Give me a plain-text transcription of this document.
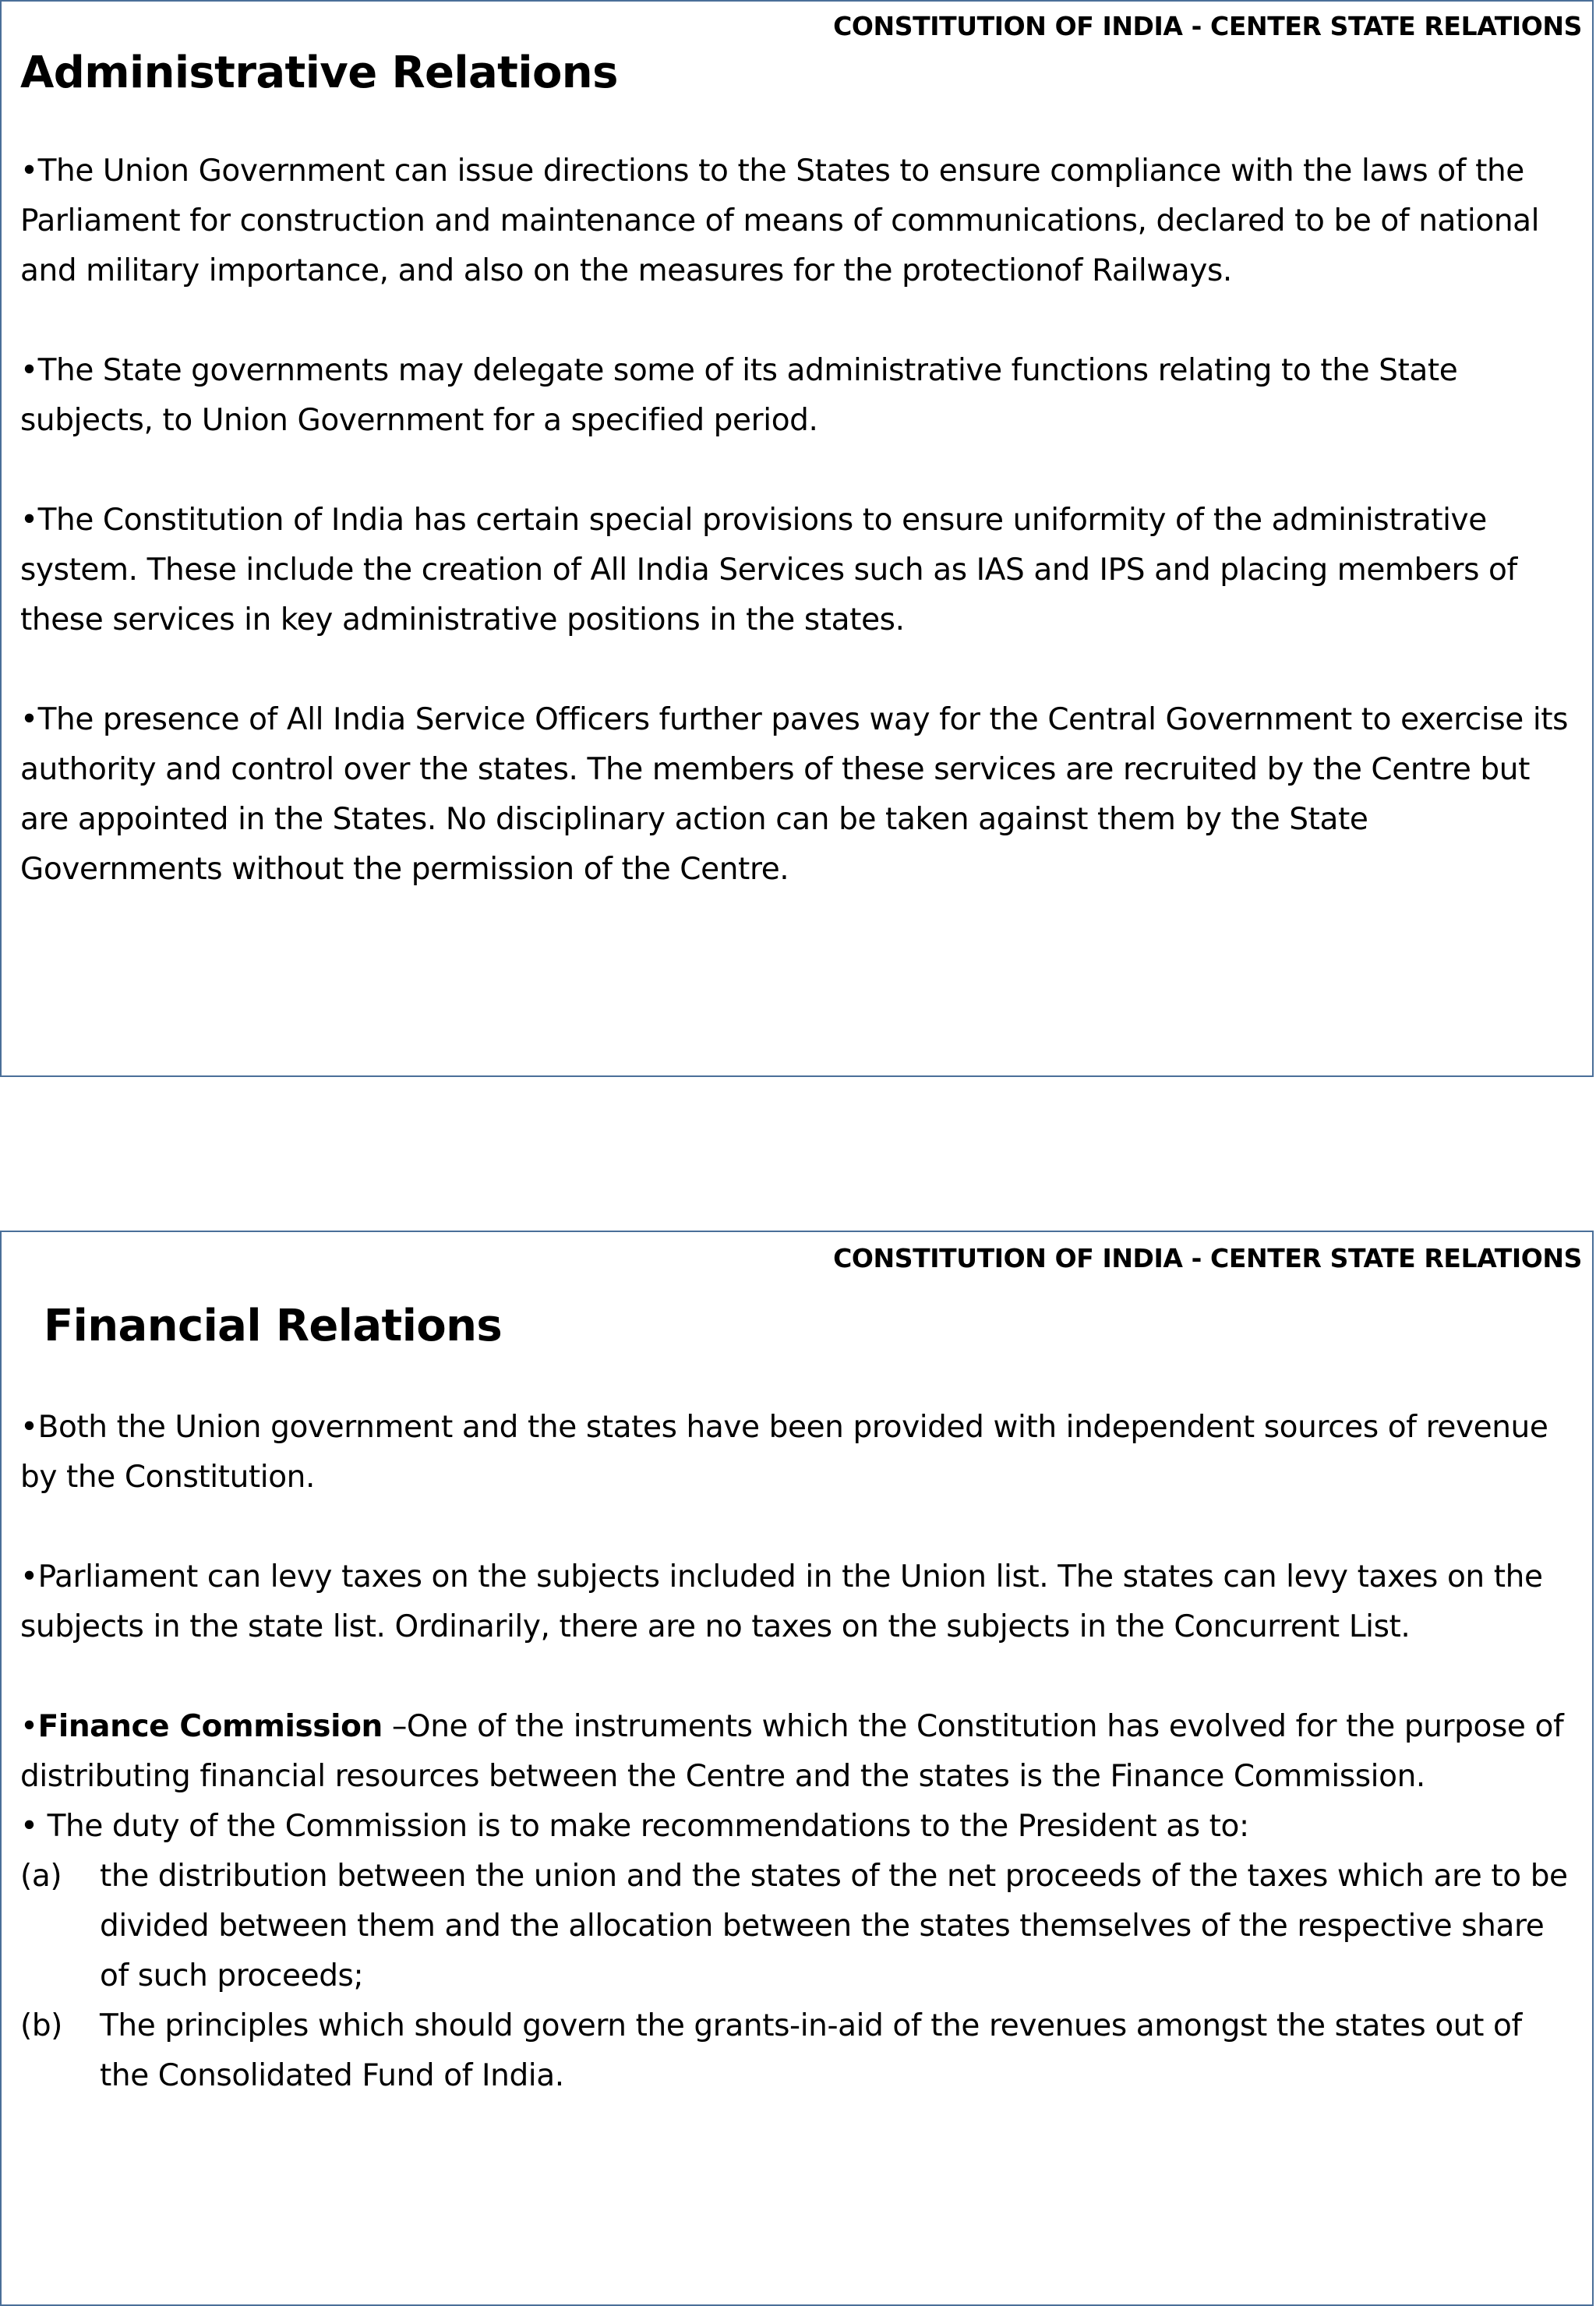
CONSTITUTION OF INDIA - CENTER STATE RELATIONS
Administrative Relations

•The Union Government can issue directions to the States to ensure compliance with the laws of the Parliament for construction and maintenance of means of communications, declared to be of national and military importance, and also on the measures for the protectionof Railways.

•The State governments may delegate some of its administrative functions relating to the State subjects, to Union Government for a specified period.

•The Constitution of India has certain special provisions to ensure uniformity of the administrative system. These include the creation of All India Services such as IAS and IPS and placing members of these services in key administrative positions in the states.

•The presence of All India Service Officers further paves way for the Central Government to exercise its authority and control over the states. The members of these services are recruited by the Centre but are appointed in the States. No disciplinary action can be taken against them by the State Governments without the permission of the Centre.

CONSTITUTION OF INDIA - CENTER STATE RELATIONS
Financial Relations

•Both the Union government and the states have been provided with independent sources of revenue by the Constitution.

•Parliament can levy taxes on the subjects included in the Union list. The states can levy taxes on the subjects in the state list. Ordinarily, there are no taxes on the subjects in the Concurrent List.

•Finance Commission –One of the instruments which the Constitution has evolved for the purpose of distributing financial resources between the Centre and the states is the Finance Commission.

• The duty of the Commission is to make recommendations to the President as to:

(a)	the distribution between the union and the states of the net proceeds of the taxes which are to be divided between them and the allocation between the states themselves of the respective share of such proceeds;
(b)	The principles which should govern the grants-in-aid of the revenues amongst the states out of the Consolidated Fund of India.
